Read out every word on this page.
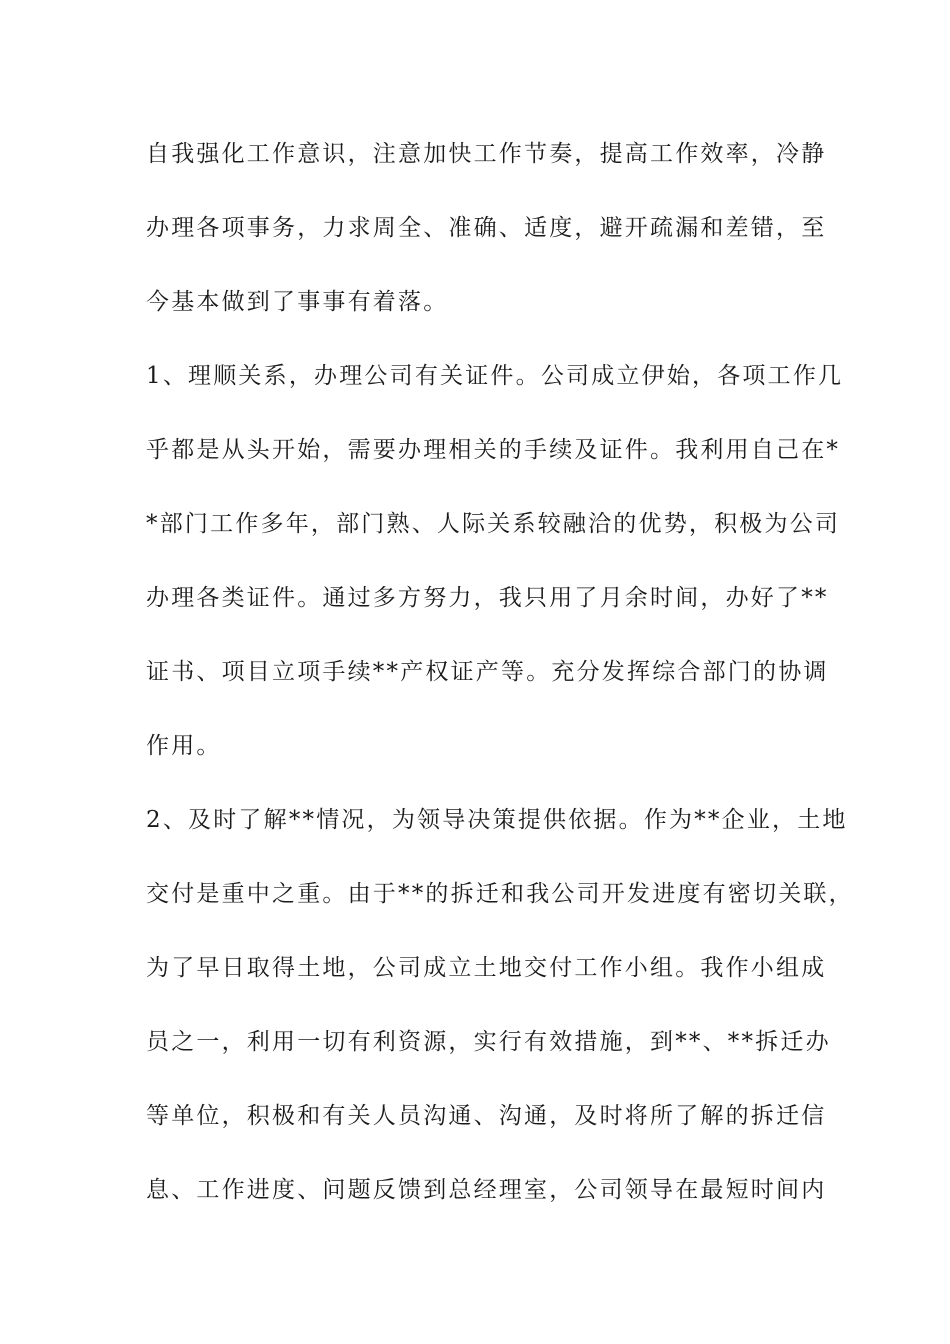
自我强化工作意识，注意加快工作节奏，提高工作效率，冷静
办理各项事务，力求周全、准确、适度，避开疏漏和差错，至
今基本做到了事事有着落。
1、理顺关系，办理公司有关证件。公司成立伊始，各项工作几
乎都是从头开始，需要办理相关的手续及证件。我利用自己在*
*部门工作多年，部门熟、人际关系较融洽的优势，积极为公司
办理各类证件。通过多方努力，我只用了月余时间，办好了**
证书、项目立项手续**产权证产等。充分发挥综合部门的协调
作用。
2、及时了解**情况，为领导决策提供依据。作为**企业，土地
交付是重中之重。由于**的拆迁和我公司开发进度有密切关联，
为了早日取得土地，公司成立土地交付工作小组。我作小组成
员之一，利用一切有利资源，实行有效措施，到**、**拆迁办
等单位，积极和有关人员沟通、沟通，及时将所了解的拆迁信
息、工作进度、问题反馈到总经理室，公司领导在最短时间内
